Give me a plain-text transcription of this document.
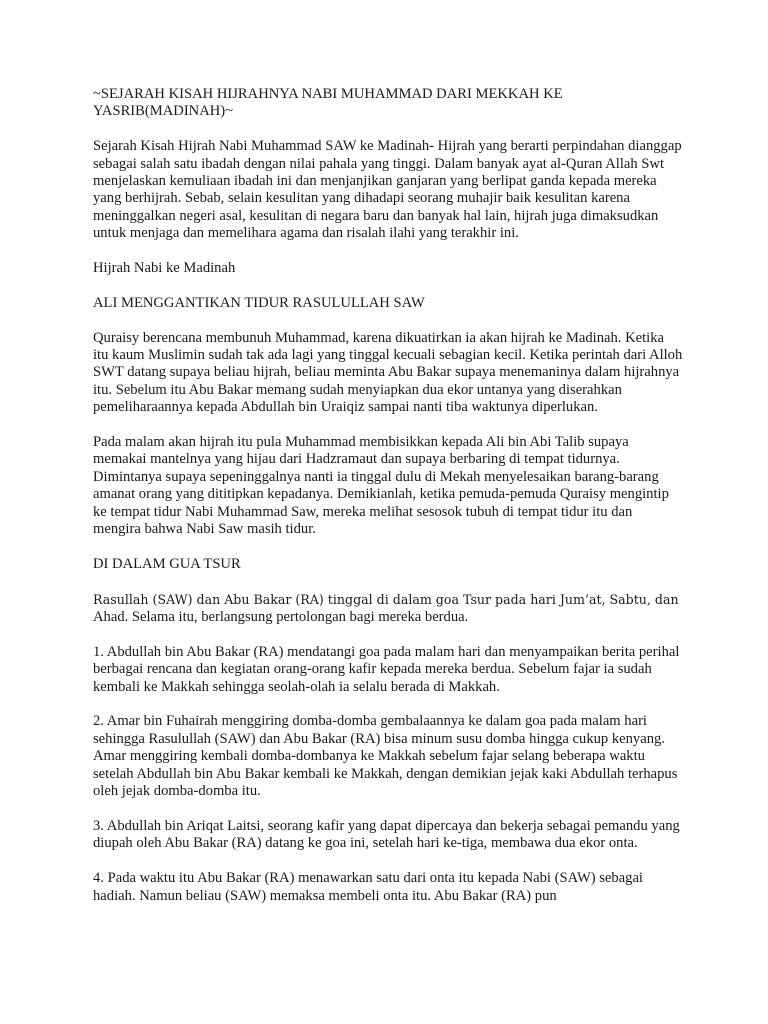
~SEJARAH KISAH HIJRAHNYA NABI MUHAMMAD DARI MEKKAH KE YASRIB(MADINAH)~

Sejarah Kisah Hijrah Nabi Muhammad SAW ke Madinah- Hijrah yang berarti perpindahan dianggap sebagai salah satu ibadah dengan nilai pahala yang tinggi. Dalam banyak ayat al-Quran Allah Swt menjelaskan kemuliaan ibadah ini dan menjanjikan ganjaran yang berlipat ganda kepada mereka yang berhijrah. Sebab, selain kesulitan yang dihadapi seorang muhajir baik kesulitan karena meninggalkan negeri asal, kesulitan di negara baru dan banyak hal lain, hijrah juga dimaksudkan untuk menjaga dan memelihara agama dan risalah ilahi yang terakhir ini.

Hijrah Nabi ke Madinah

ALI MENGGANTIKAN TIDUR RASULULLAH SAW

Quraisy berencana membunuh Muhammad, karena dikuatirkan ia akan hijrah ke Madinah. Ketika itu kaum Muslimin sudah tak ada lagi yang tinggal kecuali sebagian kecil. Ketika perintah dari Alloh SWT datang supaya beliau hijrah, beliau meminta Abu Bakar supaya menemaninya dalam hijrahnya itu. Sebelum itu Abu Bakar memang sudah menyiapkan dua ekor untanya yang diserahkan pemeliharaannya kepada Abdullah bin Uraiqiz sampai nanti tiba waktunya diperlukan.

Pada malam akan hijrah itu pula Muhammad membisikkan kepada Ali bin Abi Talib supaya memakai mantelnya yang hijau dari Hadzramaut dan supaya berbaring di tempat tidurnya. Dimintanya supaya sepeninggalnya nanti ia tinggal dulu di Mekah menyelesaikan barang-barang amanat orang yang dititipkan kepadanya. Demikianlah, ketika pemuda-pemuda Quraisy mengintip ke tempat tidur Nabi Muhammad Saw, mereka melihat sesosok tubuh di tempat tidur itu dan mengira bahwa Nabi Saw masih tidur.

DI DALAM GUA TSUR

Rasullah (SAW) dan Abu Bakar (RA) tinggal di dalam goa Tsur pada hari Jum’at, Sabtu, dan
Ahad. Selama itu, berlangsung pertolongan bagi mereka berdua.

1. Abdullah bin Abu Bakar (RA) mendatangi goa pada malam hari dan menyampaikan berita perihal berbagai rencana dan kegiatan orang-orang kafir kepada mereka berdua. Sebelum fajar ia sudah kembali ke Makkah sehingga seolah-olah ia selalu berada di Makkah.

2. Amar bin Fuhairah menggiring domba-domba gembalaannya ke dalam goa pada malam hari sehingga Rasulullah (SAW) dan Abu Bakar (RA) bisa minum susu domba hingga cukup kenyang. Amar menggiring kembali domba-dombanya ke Makkah sebelum fajar selang beberapa waktu setelah Abdullah bin Abu Bakar kembali ke Makkah, dengan demikian jejak kaki Abdullah terhapus oleh jejak domba-domba itu.

3. Abdullah bin Ariqat Laitsi, seorang kafir yang dapat dipercaya dan bekerja sebagai pemandu yang diupah oleh Abu Bakar (RA) datang ke goa ini, setelah hari ke-tiga, membawa dua ekor onta.

4. Pada waktu itu Abu Bakar (RA) menawarkan satu dari onta itu kepada Nabi (SAW) sebagai hadiah. Namun beliau (SAW) memaksa membeli onta itu. Abu Bakar (RA) pun
